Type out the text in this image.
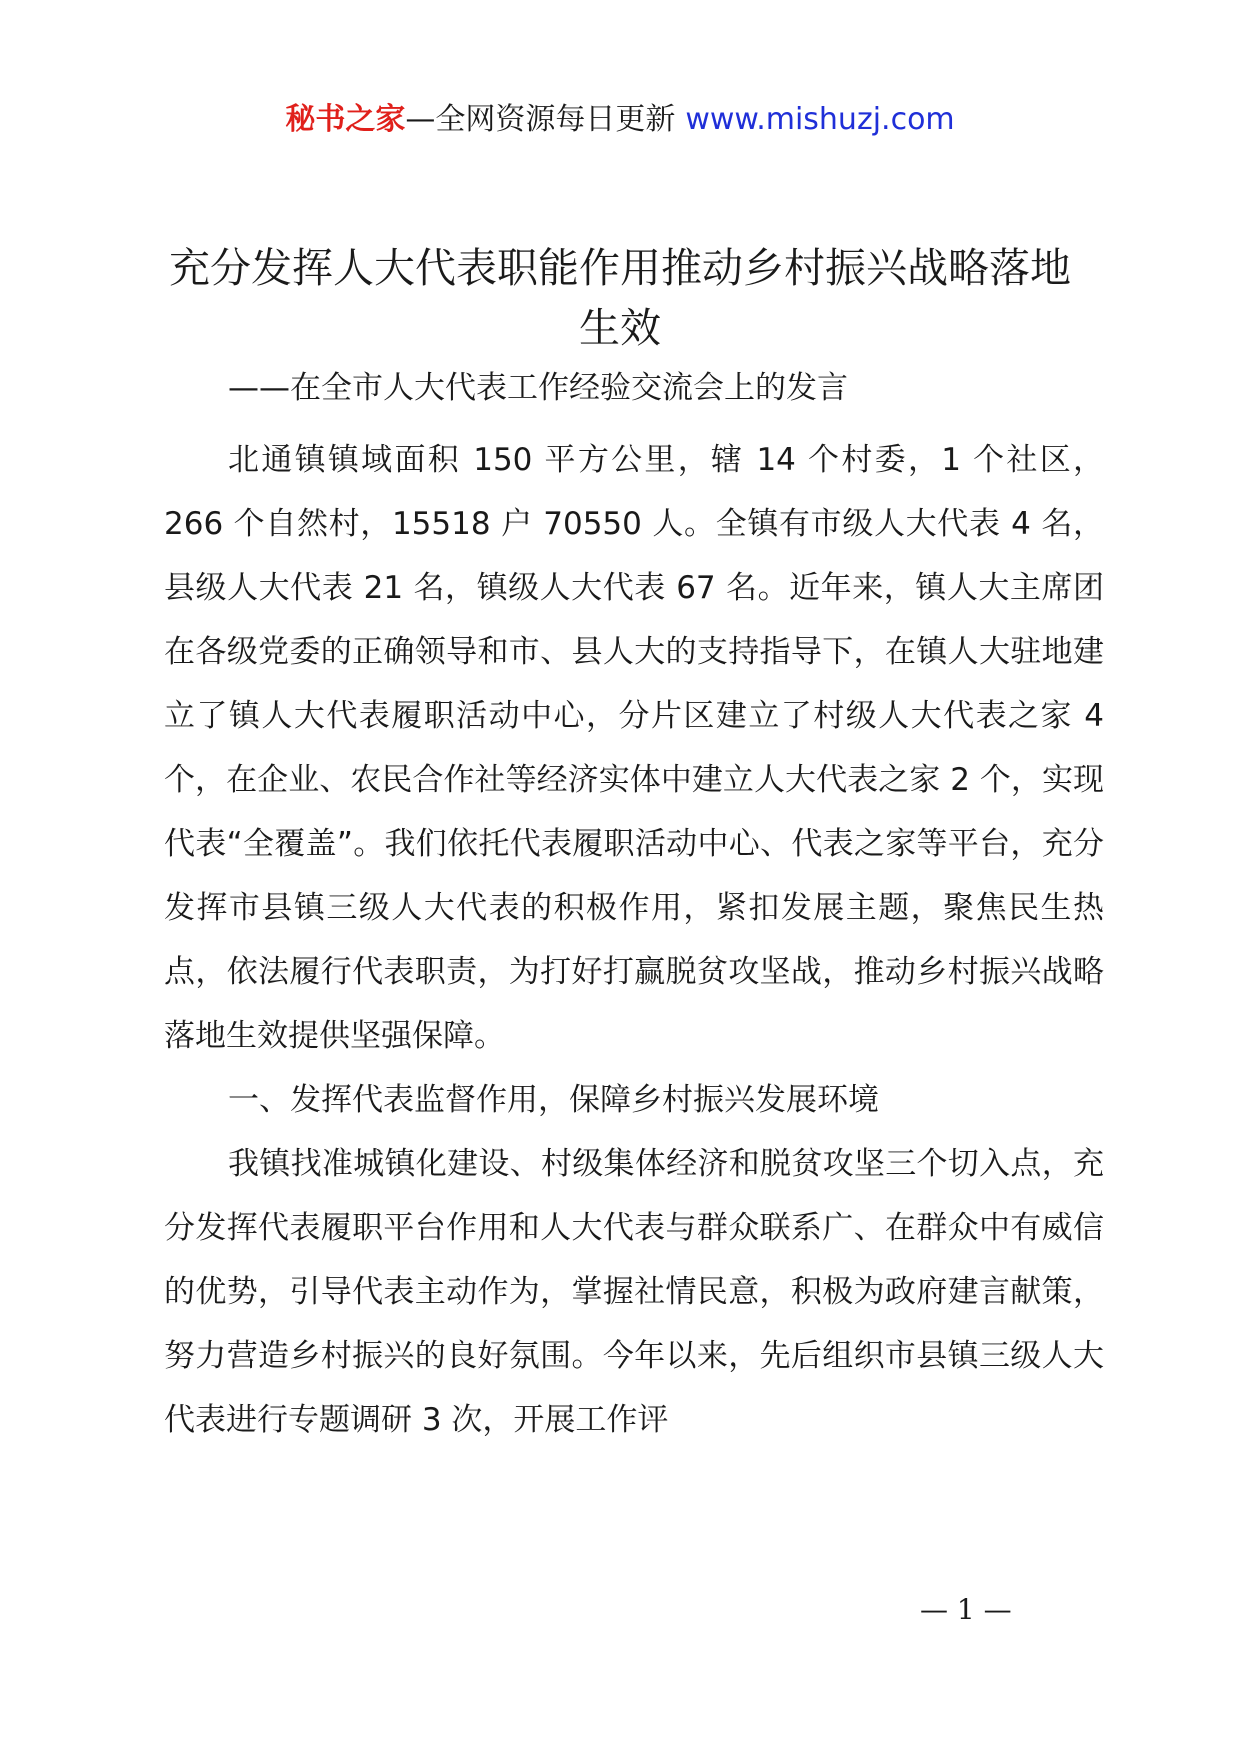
秘书之家—全网资源每日更新 www.mishuzj.com
充分发挥人大代表职能作用推动乡村振兴战略落地生效

——在全市人大代表工作经验交流会上的发言

北通镇镇域面积 150 平方公里，辖 14 个村委，1 个社区，266 个自然村，15518 户 70550 人。全镇有市级人大代表 4 名，县级人大代表 21 名，镇级人大代表 67 名。近年来，镇人大主席团在各级党委的正确领导和市、县人大的支持指导下，在镇人大驻地建立了镇人大代表履职活动中心，分片区建立了村级人大代表之家 4 个，在企业、农民合作社等经济实体中建立人大代表之家 2 个，实现代表“全覆盖”。我们依托代表履职活动中心、代表之家等平台，充分发挥市县镇三级人大代表的积极作用，紧扣发展主题，聚焦民生热点，依法履行代表职责，为打好打赢脱贫攻坚战，推动乡村振兴战略落地生效提供坚强保障。

一、发挥代表监督作用，保障乡村振兴发展环境

我镇找准城镇化建设、村级集体经济和脱贫攻坚三个切入点，充分发挥代表履职平台作用和人大代表与群众联系广、在群众中有威信的优势，引导代表主动作为，掌握社情民意，积极为政府建言献策，努力营造乡村振兴的良好氛围。今年以来，先后组织市县镇三级人大代表进行专题调研 3 次，开展工作评

— 1 —
